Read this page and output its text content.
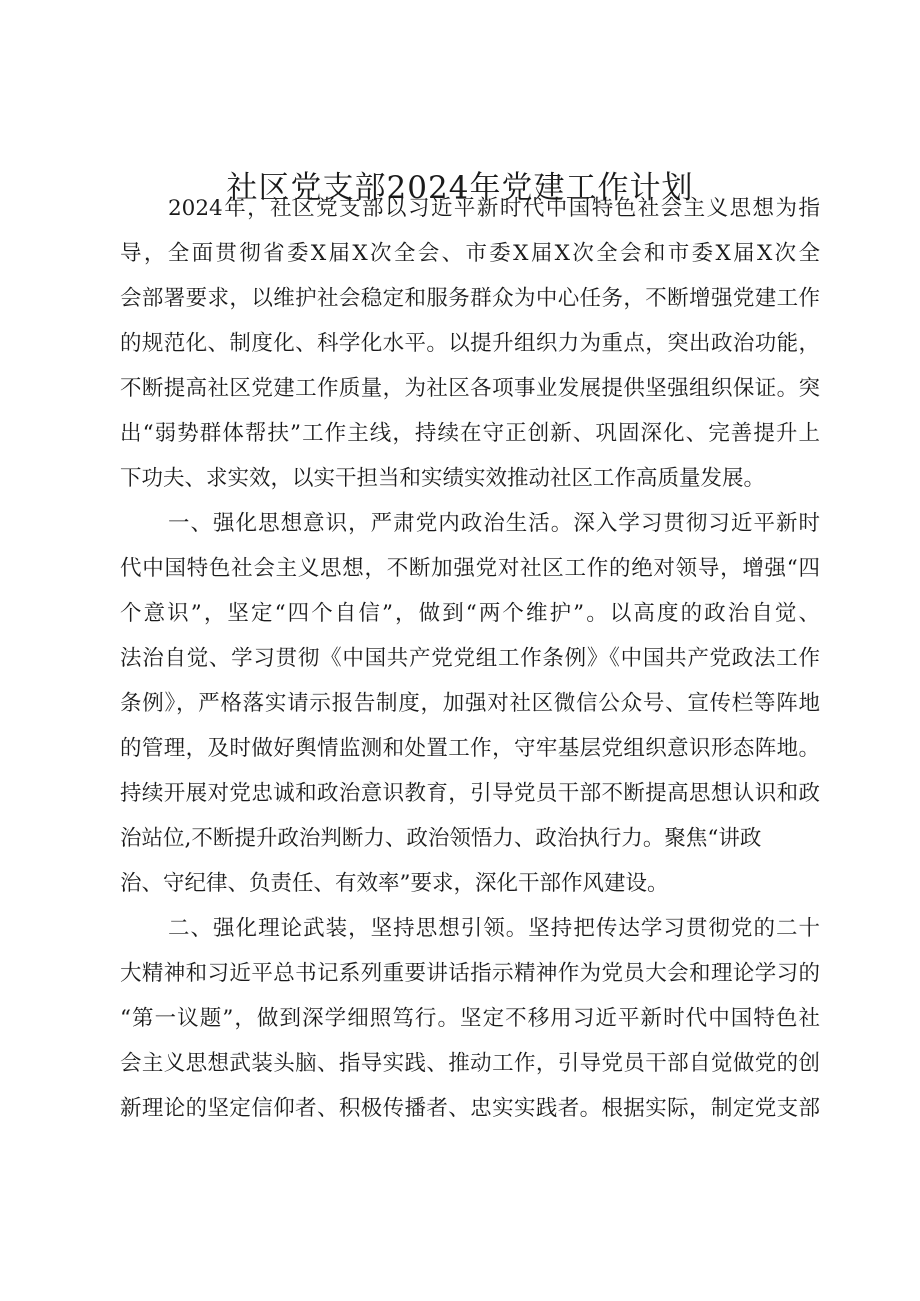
社区党支部2024年党建工作计划
2024年，社区党支部以习近平新时代中国特色社会主义思想为指
导，全面贯彻省委X届X次全会、市委X届X次全会和市委X届X次全
会部署要求，以维护社会稳定和服务群众为中心任务，不断增强党建工作
的规范化、制度化、科学化水平。以提升组织力为重点，突出政治功能，
不断提高社区党建工作质量，为社区各项事业发展提供坚强组织保证。突
出“弱势群体帮扶”工作主线，持续在守正创新、巩固深化、完善提升上
下功夫、求实效，以实干担当和实绩实效推动社区工作高质量发展。
一、强化思想意识，严肃党内政治生活。深入学习贯彻习近平新时
代中国特色社会主义思想，不断加强党对社区工作的绝对领导，增强“四
个意识”，坚定“四个自信”，做到“两个维护”。以高度的政治自觉、
法治自觉、学习贯彻《中国共产党党组工作条例》《中国共产党政法工作
条例》，严格落实请示报告制度，加强对社区微信公众号、宣传栏等阵地
的管理，及时做好舆情监测和处置工作，守牢基层党组织意识形态阵地。
持续开展对党忠诚和政治意识教育，引导党员干部不断提高思想认识和政
治站位,不断提升政治判断力、政治领悟力、政治执行力。聚焦“讲政
治、守纪律、负责任、有效率”要求，深化干部作风建设。
二、强化理论武装，坚持思想引领。坚持把传达学习贯彻党的二十
大精神和习近平总书记系列重要讲话指示精神作为党员大会和理论学习的
“第一议题”，做到深学细照笃行。坚定不移用习近平新时代中国特色社
会主义思想武装头脑、指导实践、推动工作，引导党员干部自觉做党的创
新理论的坚定信仰者、积极传播者、忠实实践者。根据实际，制定党支部
